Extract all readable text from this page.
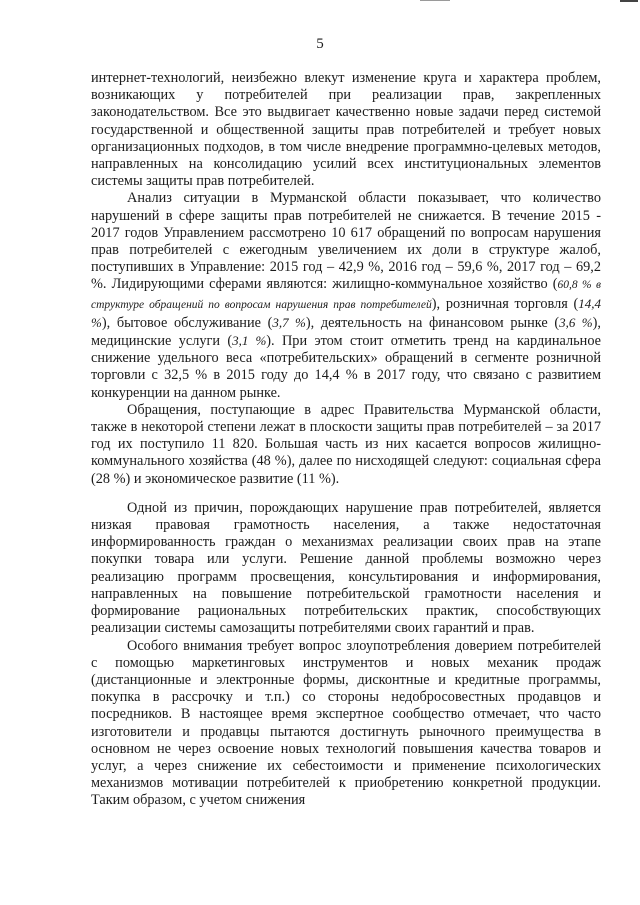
5

интернет-технологий, неизбежно влекут изменение круга и характера проблем, возникающих у потребителей при реализации прав, закрепленных законодательством. Все это выдвигает качественно новые задачи перед системой государственной и общественной защиты прав потребителей и требует новых организационных подходов, в том числе внедрение программно-целевых методов, направленных на консолидацию усилий всех институциональных элементов системы защиты прав потребителей.

Анализ ситуации в Мурманской области показывает, что количество нарушений в сфере защиты прав потребителей не снижается. В течение 2015 - 2017 годов Управлением рассмотрено 10 617 обращений по вопросам нарушения прав потребителей с ежегодным увеличением их доли в структуре жалоб, поступивших в Управление: 2015 год – 42,9 %, 2016 год – 59,6 %, 2017 год – 69,2 %. Лидирующими сферами являются: жилищно-коммунальное хозяйство (60,8 % в структуре обращений по вопросам нарушения прав потребителей), розничная торговля (14,4 %), бытовое обслуживание (3,7 %), деятельность на финансовом рынке (3,6 %), медицинские услуги (3,1 %). При этом стоит отметить тренд на кардинальное снижение удельного веса «потребительских» обращений в сегменте розничной торговли с 32,5 % в 2015 году до 14,4 % в 2017 году, что связано с развитием конкуренции на данном рынке.

Обращения, поступающие в адрес Правительства Мурманской области, также в некоторой степени лежат в плоскости защиты прав потребителей – за 2017 год их поступило 11 820. Большая часть из них касается вопросов жилищно-коммунального хозяйства (48 %), далее по нисходящей следуют: социальная сфера (28 %) и экономическое развитие (11 %).

Одной из причин, порождающих нарушение прав потребителей, является низкая правовая грамотность населения, а также недостаточная информированность граждан о механизмах реализации своих прав на этапе покупки товара или услуги. Решение данной проблемы возможно через реализацию программ просвещения, консультирования и информирования, направленных на повышение потребительской грамотности населения и формирование рациональных потребительских практик, способствующих реализации системы самозащиты потребителями своих гарантий и прав.

Особого внимания требует вопрос злоупотребления доверием потребителей с помощью маркетинговых инструментов и новых механик продаж (дистанционные и электронные формы, дисконтные и кредитные программы, покупка в рассрочку и т.п.) со стороны недобросовестных продавцов и посредников. В настоящее время экспертное сообщество отмечает, что часто изготовители и продавцы пытаются достигнуть рыночного преимущества в основном не через освоение новых технологий повышения качества товаров и услуг, а через снижение их себестоимости и применение психологических механизмов мотивации потребителей к приобретению конкретной продукции. Таким образом, с учетом снижения
